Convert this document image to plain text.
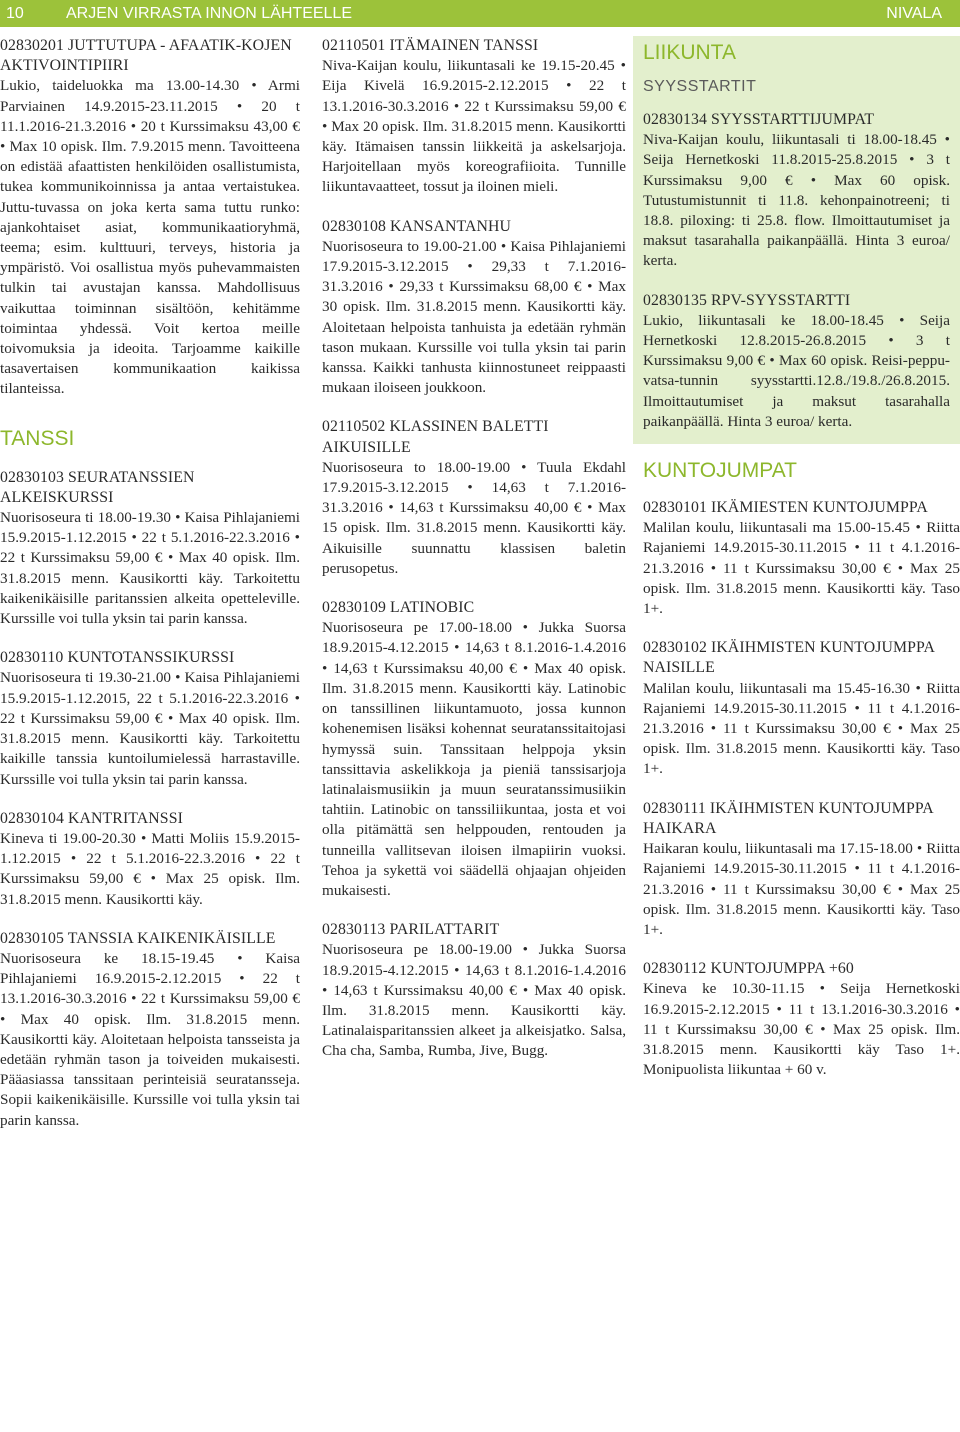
10	ARJEN VIRRASTA INNON LÄHTEELLE	NIVALA
02830201 JUTTUTUPA - AFAATIK-KOJEN AKTIVOINTIPIIRI
Lukio, taideluokka ma 13.00-14.30 • Armi Parviainen 14.9.2015-23.11.2015 • 20 t 11.1.2016-21.3.2016 • 20 t Kurssimaksu 43,00 € • Max 10 opisk. Ilm. 7.9.2015 menn. Tavoitteena on edistää afaattisten henkilöiden osallistumista, tukea kommunikoinnissa ja antaa vertaistukea. Juttu-tuvassa on joka kerta sama tuttu runko: ajankohtaiset asiat, kommunikaatioryhmä, teema; esim. kulttuuri, terveys, historia ja ympäristö. Voi osallistua myös puhevammaisten tulkin tai avustajan kanssa. Mahdollisuus vaikuttaa toiminnan sisältöön, kehitämme toimintaa yhdessä. Voit kertoa meille toivomuksia ja ideoita. Tarjoamme kaikille tasavertaisen kommunikaation kaikissa tilanteissa.
TANSSI
02830103 SEURATANSSIEN ALKEISKURSSI
Nuorisoseura ti 18.00-19.30 • Kaisa Pihlajaniemi 15.9.2015-1.12.2015 • 22 t 5.1.2016-22.3.2016 • 22 t Kurssimaksu 59,00 € • Max 40 opisk. Ilm. 31.8.2015 menn. Kausikortti käy. Tarkoitettu kaikenikäisille paritanssien alkeita opetteleville. Kurssille voi tulla yksin tai parin kanssa.
02830110 KUNTOTANSSIKURSSI
Nuorisoseura ti 19.30-21.00 • Kaisa Pihlajaniemi 15.9.2015-1.12.2015, 22 t 5.1.2016-22.3.2016 • 22 t Kurssimaksu 59,00 € • Max 40 opisk. Ilm. 31.8.2015 menn. Kausikortti käy. Tarkoitettu kaikille tanssia kuntoilumielessä harrastaville. Kurssille voi tulla yksin tai parin kanssa.
02830104 KANTRITANSSI
Kineva ti 19.00-20.30 • Matti Moliis 15.9.2015-1.12.2015 • 22 t 5.1.2016-22.3.2016 • 22 t Kurssimaksu 59,00 € • Max 25 opisk. Ilm. 31.8.2015 menn. Kausikortti käy.
02830105 TANSSIA KAIKENIKÄISILLE
Nuorisoseura ke 18.15-19.45 • Kaisa Pihlajaniemi 16.9.2015-2.12.2015 • 22 t 13.1.2016-30.3.2016 • 22 t Kurssimaksu 59,00 € • Max 40 opisk. Ilm. 31.8.2015 menn. Kausikortti käy. Aloitetaan helpoista tansseista ja edetään ryhmän tason ja toiveiden mukaisesti. Pääasiassa tanssitaan perinteisiä seuratansseja. Sopii kaikenikäisille. Kurssille voi tulla yksin tai parin kanssa.
02110501 ITÄMAINEN TANSSI
Niva-Kaijan koulu, liikuntasali ke 19.15-20.45 • Eija Kivelä 16.9.2015-2.12.2015 • 22 t 13.1.2016-30.3.2016 • 22 t Kurssimaksu 59,00 € • Max 20 opisk. Ilm. 31.8.2015 menn. Kausikortti käy. Itämaisen tanssin liikkeitä ja askelsarjoja. Harjoitellaan myös koreografiioita. Tunnille liikuntavaatteet, tossut ja iloinen mieli.
02830108 KANSANTANHU
Nuorisoseura to 19.00-21.00 • Kaisa Pihlajaniemi 17.9.2015-3.12.2015 • 29,33 t 7.1.2016-31.3.2016 • 29,33 t Kurssimaksu 68,00 € • Max 30 opisk. Ilm. 31.8.2015 menn. Kausikortti käy. Aloitetaan helpoista tanhuista ja edetään ryhmän tason mukaan. Kurssille voi tulla yksin tai parin kanssa. Kaikki tanhusta kiinnostuneet reippaasti mukaan iloiseen joukkoon.
02110502 KLASSINEN BALETTI AIKUISILLE
Nuorisoseura to 18.00-19.00 • Tuula Ekdahl 17.9.2015-3.12.2015 • 14,63 t 7.1.2016-31.3.2016 • 14,63 t Kurssimaksu 40,00 € • Max 15 opisk. Ilm. 31.8.2015 menn. Kausikortti käy. Aikuisille suunnattu klassisen baletin perusopetus.
02830109 LATINOBIC
Nuorisoseura pe 17.00-18.00 • Jukka Suorsa 18.9.2015-4.12.2015 • 14,63 t 8.1.2016-1.4.2016 • 14,63 t Kurssimaksu 40,00 € • Max 40 opisk. Ilm. 31.8.2015 menn. Kausikortti käy. Latinobic on tanssillinen liikuntamuoto, jossa kunnon kohenemisen lisäksi kohennat seuratanssitaitojasi hymyssä suin. Tanssitaan helppoja yksin tanssittavia askelikkoja ja pieniä tanssisarjoja latinalaismusiikin ja muun seuratanssimusiikin tahtiin. Latinobic on tanssiliikuntaa, josta et voi olla pitämättä sen helppouden, rentouden ja tunneilla vallitsevan iloisen ilmapiirin vuoksi. Tehoa ja sykettä voi säädellä ohjaajan ohjeiden mukaisesti.
02830113 PARILATTARIT
Nuorisoseura pe 18.00-19.00 • Jukka Suorsa 18.9.2015-4.12.2015 • 14,63 t 8.1.2016-1.4.2016 • 14,63 t Kurssimaksu 40,00 € • Max 40 opisk. Ilm. 31.8.2015 menn. Kausikortti käy. Latinalaisparitanssien alkeet ja alkeisjatko. Salsa, Cha cha, Samba, Rumba, Jive, Bugg.
LIIKUNTA
SYYSSTARTIT
02830134 SYYSSTARTTIJUMPAT
Niva-Kaijan koulu, liikuntasali ti 18.00-18.45 • Seija Hernetkoski 11.8.2015-25.8.2015 • 3 t Kurssimaksu 9,00 € • Max 60 opisk. Tutustumistunnit ti 11.8. kehonpainotreeni; ti 18.8. piloxing: ti 25.8. flow. Ilmoittautumiset ja maksut tasarahalla paikanpäällä. Hinta 3 euroa/ kerta.
02830135 RPV-SYYSSTARTTI
Lukio, liikuntasali ke 18.00-18.45 • Seija Hernetkoski 12.8.2015-26.8.2015 • 3 t Kurssimaksu 9,00 € • Max 60 opisk. Reisi-peppu-vatsa-tunnin syysstartti.12.8./19.8./26.8.2015. Ilmoittautumiset ja maksut tasarahalla paikanpäällä. Hinta 3 euroa/ kerta.
KUNTOJUMPAT
02830101 IKÄMIESTEN KUNTOJUMPPA
Malilan koulu, liikuntasali ma 15.00-15.45 • Riitta Rajaniemi 14.9.2015-30.11.2015 • 11 t 4.1.2016-21.3.2016 • 11 t Kurssimaksu 30,00 € • Max 25 opisk. Ilm. 31.8.2015 menn. Kausikortti käy. Taso 1+.
02830102 IKÄIHMISTEN KUNTOJUMPPA NAISILLE
Malilan koulu, liikuntasali ma 15.45-16.30 • Riitta Rajaniemi 14.9.2015-30.11.2015 • 11 t 4.1.2016-21.3.2016 • 11 t Kurssimaksu 30,00 € • Max 25 opisk. Ilm. 31.8.2015 menn. Kausikortti käy. Taso 1+.
02830111 IKÄIHMISTEN KUNTOJUMPPA HAIKARA
Haikaran koulu, liikuntasali ma 17.15-18.00 • Riitta Rajaniemi 14.9.2015-30.11.2015 • 11 t 4.1.2016-21.3.2016 • 11 t Kurssimaksu 30,00 € • Max 25 opisk. Ilm. 31.8.2015 menn. Kausikortti käy. Taso 1+.
02830112 KUNTOJUMPPA +60
Kineva ke 10.30-11.15 • Seija Hernetkoski 16.9.2015-2.12.2015 • 11 t 13.1.2016-30.3.2016 • 11 t Kurssimaksu 30,00 € • Max 25 opisk. Ilm. 31.8.2015 menn. Kausikortti käy Taso 1+. Monipuolista liikuntaa + 60 v.
